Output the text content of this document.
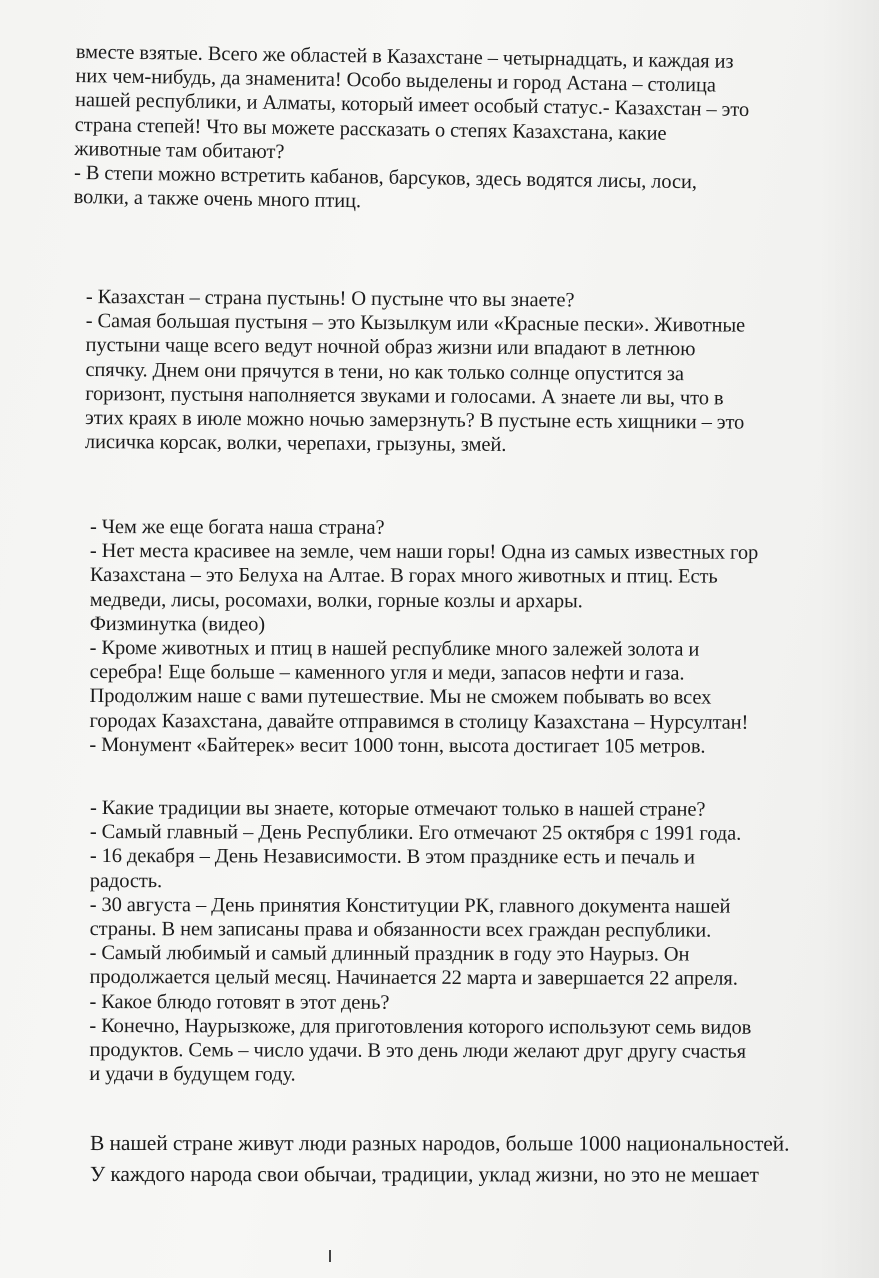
вместе взятые. Всего же областей в Казахстане – четырнадцать, и каждая из
них чем-нибудь, да знаменита! Особо выделены и город Астана – столица
нашей республики, и Алматы, который имеет особый статус.- Казахстан – это
страна степей! Что вы можете рассказать о степях Казахстана, какие
животные там обитают?
- В степи можно встретить кабанов, барсуков, здесь водятся лисы, лоси,
волки, а также очень много птиц.
- Казахстан – страна пустынь! О пустыне что вы знаете?
- Самая большая пустыня – это Кызылкум или «Красные пески». Животные
пустыни чаще всего ведут ночной образ жизни или впадают в летнюю
спячку. Днем они прячутся в тени, но как только солнце опустится за
горизонт, пустыня наполняется звуками и голосами. А знаете ли вы, что в
этих краях в июле можно ночью замерзнуть? В пустыне есть хищники – это
лисичка корсак, волки, черепахи, грызуны, змей.
- Чем же еще богата наша страна?
- Нет места красивее на земле, чем наши горы! Одна из самых известных гор
Казахстана – это Белуха на Алтае. В горах много животных и птиц. Есть
медведи, лисы, росомахи, волки, горные козлы и архары.
Физминутка (видео)
- Кроме животных и птиц в нашей республике много залежей золота и
серебра! Еще больше – каменного угля и меди, запасов нефти и газа.
Продолжим наше с вами путешествие. Мы не сможем побывать во всех
городах Казахстана, давайте отправимся в столицу Казахстана – Нурсултан!
- Монумент «Байтерек» весит 1000 тонн, высота достигает 105 метров.
- Какие традиции вы знаете, которые отмечают только в нашей стране?
- Самый главный – День Республики. Его отмечают 25 октября с 1991 года.
- 16 декабря – День Независимости. В этом празднике есть и печаль и
радость.
- 30 августа – День принятия Конституции РК, главного документа нашей
страны. В нем записаны права и обязанности всех граждан республики.
- Самый любимый и самый длинный праздник в году это Наурыз. Он
продолжается целый месяц. Начинается 22 марта и завершается 22 апреля.
- Какое блюдо готовят в этот день?
- Конечно, Наурызкоже, для приготовления которого используют семь видов
продуктов. Семь – число удачи. В это день люди желают друг другу счастья
и удачи в будущем году.
В нашей стране живут люди разных народов, больше 1000 национальностей.
У каждого народа свои обычаи, традиции, уклад жизни, но это не мешает
